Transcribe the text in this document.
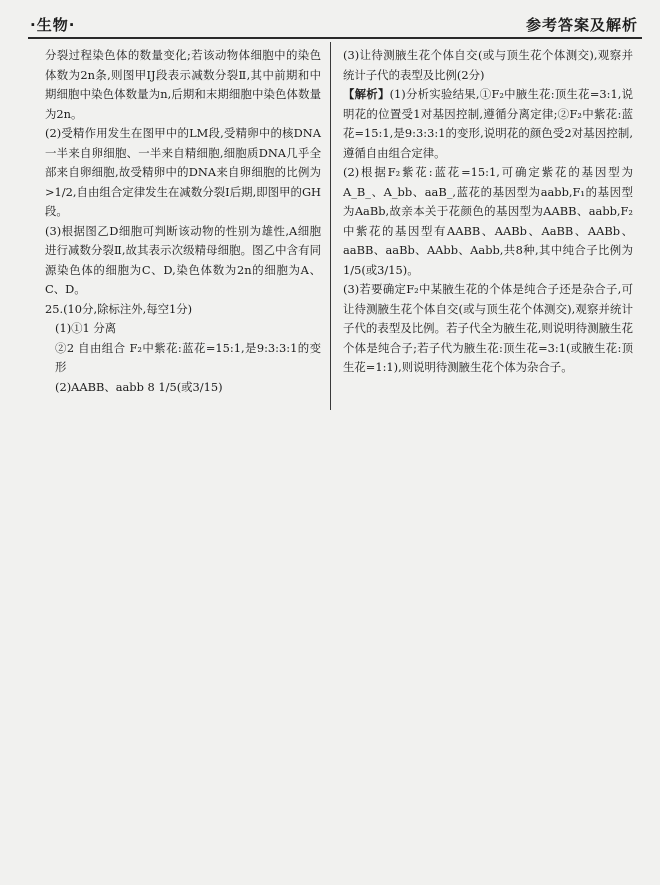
·生物·	参考答案及解析

分裂过程染色体的数量变化;若该动物体细胞中的染色体数为2n条,则图甲IJ段表示减数分裂Ⅱ,其中前期和中期细胞中染色体数量为n,后期和末期细胞中染色体数量为2n。

(2)受精作用发生在图甲中的LM段,受精卵中的核DNA一半来自卵细胞、一半来自精细胞,细胞质DNA几乎全部来自卵细胞,故受精卵中的DNA来自卵细胞的比例为>1/2,自由组合定律发生在减数分裂Ⅰ后期,即图甲的GH段。

(3)根据图乙D细胞可判断该动物的性别为雄性,A细胞进行减数分裂Ⅱ,故其表示次级精母细胞。图乙中含有同源染色体的细胞为C、D,染色体数为2n的细胞为A、C、D。

25.(10分,除标注外,每空1分)

(1)①1 分离

②2 自由组合 F₂中紫花:蓝花=15:1,是9:3:3:1的变形

(2)AABB、aabb 8 1/5(或3/15)

(3)让待测腋生花个体自交(或与顶生花个体测交),观察并统计子代的表型及比例(2分)

【解析】(1)分析实验结果,①F₂中腋生花:顶生花=3:1,说明花的位置受1对基因控制,遵循分离定律;②F₂中紫花:蓝花=15:1,是9:3:3:1的变形,说明花的颜色受2对基因控制,遵循自由组合定律。

(2)根据F₂紫花:蓝花=15:1,可确定紫花的基因型为A_B_、A_bb、aaB_,蓝花的基因型为aabb,F₁的基因型为AaBb,故亲本关于花颜色的基因型为AABB、aabb,F₂中紫花的基因型有AABB、AABb、AaBB、AABb、aaBB、aaBb、AAbb、Aabb,共8种,其中纯合子比例为1/5(或3/15)。

(3)若要确定F₂中某腋生花的个体是纯合子还是杂合子,可让待测腋生花个体自交(或与顶生花个体测交),观察并统计子代的表型及比例。若子代全为腋生花,则说明待测腋生花个体是纯合子;若子代为腋生花:顶生花=3:1(或腋生花:顶生花=1:1),则说明待测腋生花个体为杂合子。
